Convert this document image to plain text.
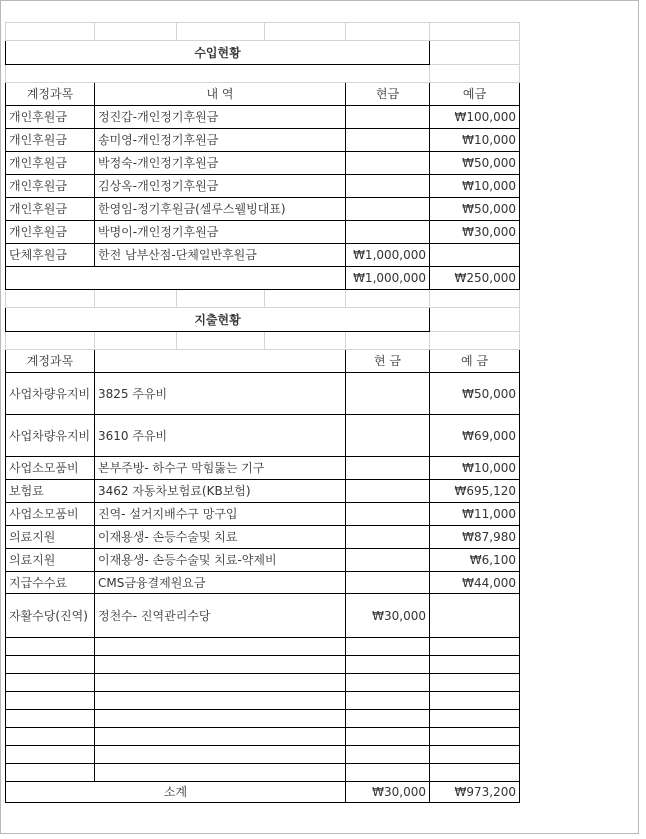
수입현황					

계정과목	내 역			현금	예금
개인후원금	정진갑-개인정기후원금				₩100,000
개인후원금	송미영-개인정기후원금				₩10,000
개인후원금	박정숙-개인정기후원금				₩50,000
개인후원금	김상옥-개인정기후원금				₩10,000
개인후원금	한영임-정기후원금(셀루스웰빙대표)				₩50,000
개인후원금	박명이-개인정기후원금				₩30,000
단체후원금	한전 남부산점-단체일반후원금			₩1,000,000	
				₩1,000,000	₩250,000

지출현황					

계정과목				현 금	예 금
사업차량유지비	3825 주유비				₩50,000
사업차량유지비	3610 주유비				₩69,000
사업소모품비	본부주방- 하수구 막힘뚫는 기구				₩10,000
보험료	3462 자동차보험료(KB보험)				₩695,120
사업소모품비	진역- 설거지배수구 망구입				₩11,000
의료지원	이재용생- 손등수술및 치료				₩87,980
의료지원	이재용생- 손등수술및 치료-약제비				₩6,100
지급수수료	CMS금융결제원요금				₩44,000
자활수당(진역)	정천수- 진역관리수당			₩30,000	

소계				₩30,000	₩973,200
